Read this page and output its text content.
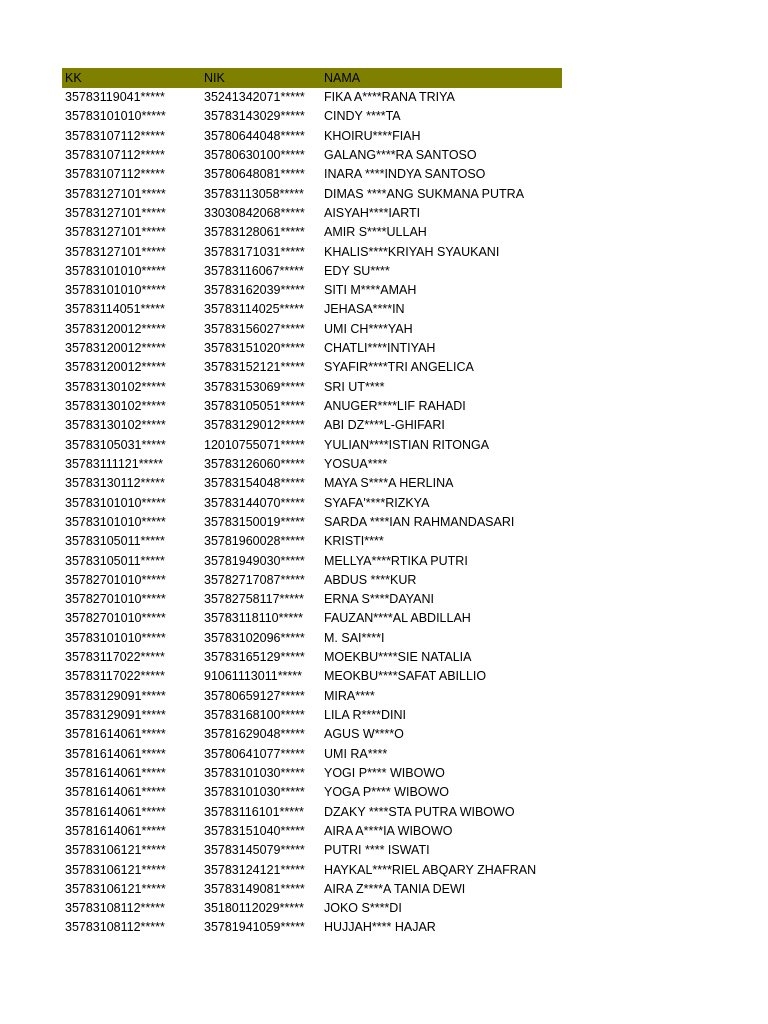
KK	NIK	NAMA
35783119041*****	35241342071*****	FIKA A****RANA TRIYA
35783101010*****	35783143029*****	CINDY ****TA
35783107112*****	35780644048*****	KHOIRU****FIAH
35783107112*****	35780630100*****	GALANG****RA SANTOSO
35783107112*****	35780648081*****	INARA ****INDYA SANTOSO
35783127101*****	35783113058*****	DIMAS ****ANG SUKMANA PUTRA
35783127101*****	33030842068*****	AISYAH****IARTI
35783127101*****	35783128061*****	AMIR S****ULLAH
35783127101*****	35783171031*****	KHALIS****KRIYAH SYAUKANI
35783101010*****	35783116067*****	EDY SU****
35783101010*****	35783162039*****	SITI M****AMAH
35783114051*****	35783114025*****	JEHASA****IN
35783120012*****	35783156027*****	UMI CH****YAH
35783120012*****	35783151020*****	CHATLI****INTIYAH
35783120012*****	35783152121*****	SYAFIR****TRI ANGELICA
35783130102*****	35783153069*****	SRI UT****
35783130102*****	35783105051*****	ANUGER****LIF RAHADI
35783130102*****	35783129012*****	ABI DZ****L-GHIFARI
35783105031*****	12010755071*****	YULIAN****ISTIAN RITONGA
35783111121*****	35783126060*****	YOSUA****
35783130112*****	35783154048*****	MAYA S****A HERLINA
35783101010*****	35783144070*****	SYAFA'****RIZKYA
35783101010*****	35783150019*****	SARDA ****IAN RAHMANDASARI
35783105011*****	35781960028*****	KRISTI****
35783105011*****	35781949030*****	MELLYA****RTIKA PUTRI
35782701010*****	35782717087*****	ABDUS ****KUR
35782701010*****	35782758117*****	ERNA S****DAYANI
35782701010*****	35783118110*****	FAUZAN****AL ABDILLAH
35783101010*****	35783102096*****	M. SAI****I
35783117022*****	35783165129*****	MOEKBU****SIE NATALIA
35783117022*****	91061113011*****	MEOKBU****SAFAT ABILLIO
35783129091*****	35780659127*****	MIRA****
35783129091*****	35783168100*****	LILA R****DINI
35781614061*****	35781629048*****	AGUS W****O
35781614061*****	35780641077*****	UMI RA****
35781614061*****	35783101030*****	YOGI P**** WIBOWO
35781614061*****	35783101030*****	YOGA P**** WIBOWO
35781614061*****	35783116101*****	DZAKY ****STA PUTRA WIBOWO
35781614061*****	35783151040*****	AIRA A****IA WIBOWO
35783106121*****	35783145079*****	PUTRI **** ISWATI
35783106121*****	35783124121*****	HAYKAL****RIEL ABQARY ZHAFRAN
35783106121*****	35783149081*****	AIRA Z****A TANIA DEWI
35783108112*****	35180112029*****	JOKO S****DI
35783108112*****	35781941059*****	HUJJAH**** HAJAR
